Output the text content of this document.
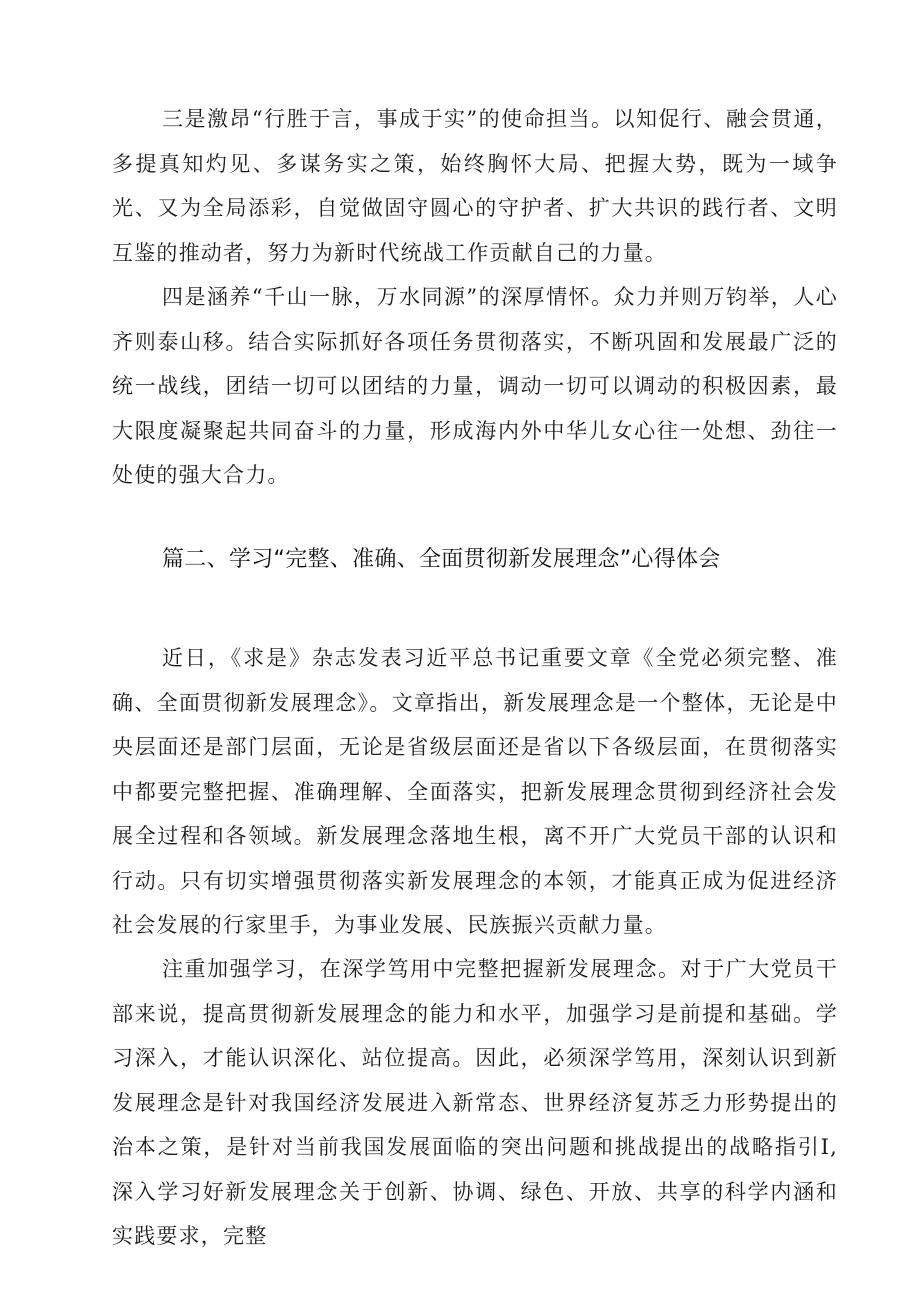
三是激昂“行胜于言，事成于实”的使命担当。以知促行、融会贯通，多提真知灼见、多谋务实之策，始终胸怀大局、把握大势，既为一域争光、又为全局添彩，自觉做固守圆心的守护者、扩大共识的践行者、文明互鉴的推动者，努力为新时代统战工作贡献自己的力量。

四是涵养“千山一脉，万水同源”的深厚情怀。众力并则万钧举，人心齐则泰山移。结合实际抓好各项任务贯彻落实，不断巩固和发展最广泛的统一战线，团结一切可以团结的力量，调动一切可以调动的积极因素，最大限度凝聚起共同奋斗的力量，形成海内外中华儿女心往一处想、劲往一处使的强大合力。

篇二、学习“完整、准确、全面贯彻新发展理念”心得体会

近日，《求是》杂志发表习近平总书记重要文章《全党必须完整、准确、全面贯彻新发展理念》。文章指出，新发展理念是一个整体，无论是中央层面还是部门层面，无论是省级层面还是省以下各级层面，在贯彻落实中都要完整把握、准确理解、全面落实，把新发展理念贯彻到经济社会发展全过程和各领域。新发展理念落地生根，离不开广大党员干部的认识和行动。只有切实增强贯彻落实新发展理念的本领，才能真正成为促进经济社会发展的行家里手，为事业发展、民族振兴贡献力量。

注重加强学习，在深学笃用中完整把握新发展理念。对于广大党员干部来说，提高贯彻新发展理念的能力和水平，加强学习是前提和基础。学习深入，才能认识深化、站位提高。因此，必须深学笃用，深刻认识到新发展理念是针对我国经济发展进入新常态、世界经济复苏乏力形势提出的治本之策，是针对当前我国发展面临的突出问题和挑战提出的战略指引I,深入学习好新发展理念关于创新、协调、绿色、开放、共享的科学内涵和实践要求，完整
